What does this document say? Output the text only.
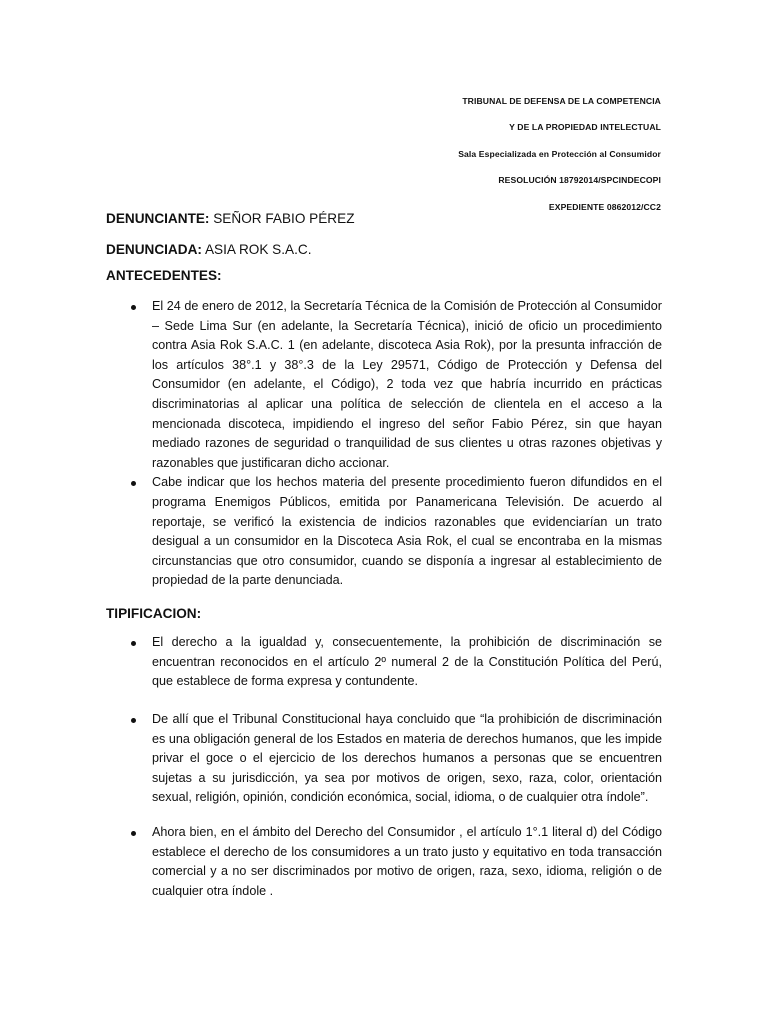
TRIBUNAL DE DEFENSA DE LA COMPETENCIA
Y DE LA PROPIEDAD INTELECTUAL
Sala Especializada en Protección al Consumidor
RESOLUCIÓN 18792014/SPCINDECOPI
EXPEDIENTE 0862012/CC2
DENUNCIANTE: SEÑOR FABIO PÉREZ
DENUNCIADA: ASIA ROK S.A.C.
ANTECEDENTES:
El 24 de enero de 2012, la Secretaría Técnica de la Comisión de Protección al Consumidor – Sede Lima Sur (en adelante, la Secretaría Técnica), inició de oficio un procedimiento contra Asia Rok S.A.C. 1 (en adelante, discoteca Asia Rok), por la presunta infracción de los artículos 38°.1 y 38°.3 de la Ley 29571, Código de Protección y Defensa del Consumidor (en adelante, el Código), 2 toda vez que habría incurrido en prácticas discriminatorias al aplicar una política de selección de clientela en el acceso a la mencionada discoteca, impidiendo el ingreso del señor Fabio Pérez, sin que hayan mediado razones de seguridad o tranquilidad de sus clientes u otras razones objetivas y razonables que justificaran dicho accionar.
Cabe indicar que los hechos materia del presente procedimiento fueron difundidos en el programa Enemigos Públicos, emitida por Panamericana Televisión. De acuerdo al reportaje, se verificó la existencia de indicios razonables que evidenciarían un trato desigual a un consumidor en la Discoteca Asia Rok, el cual se encontraba en la mismas circunstancias que otro consumidor, cuando se disponía a ingresar al establecimiento de propiedad de la parte denunciada.
TIPIFICACION:
El derecho a la igualdad y, consecuentemente, la prohibición de discriminación se encuentran reconocidos en el artículo 2º numeral 2 de la Constitución Política del Perú, que establece de forma expresa y contundente.
De allí que el Tribunal Constitucional haya concluido que “la prohibición de discriminación es una obligación general de los Estados en materia de derechos humanos, que les impide privar el goce o el ejercicio de los derechos humanos a personas que se encuentren sujetas a su jurisdicción, ya sea por motivos de origen, sexo, raza, color, orientación sexual, religión, opinión, condición económica, social, idioma, o de cualquier otra índole”.
Ahora bien, en el ámbito del Derecho del Consumidor , el artículo 1°.1 literal d) del Código establece el derecho de los consumidores a un trato justo y equitativo en toda transacción comercial y a no ser discriminados por motivo de origen, raza, sexo, idioma, religión o de cualquier otra índole .
